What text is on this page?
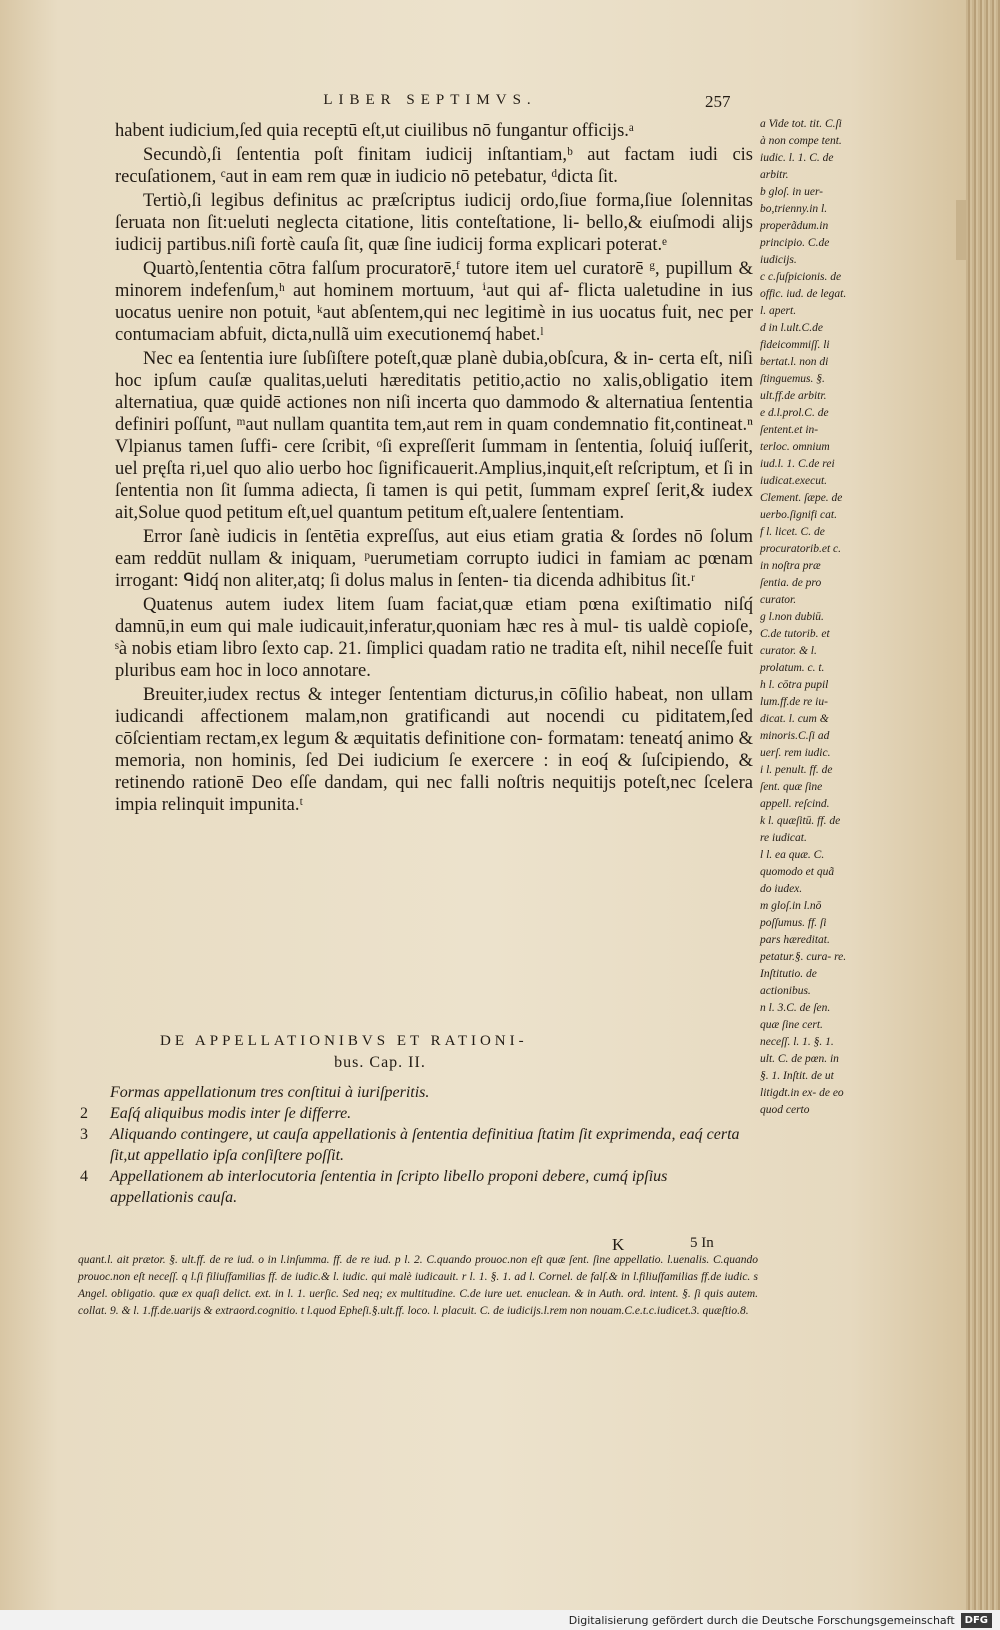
LIBER SEPTIMVS.	257

habent iudicium,ſed quia receptū eſt,ut ciuilibus nō fungantur officijs.ᵃ

Secundò,ſi ſententia poſt finitam iudicij inſtantiam,ᵇ aut factam iudi cis recuſationem, ᶜaut in eam rem quæ in iudicio nō petebatur, ᵈdicta ſit.

Tertiò,ſi legibus definitus ac præſcriptus iudicij ordo,ſiue forma,ſiue ſolennitas ſeruata non ſit:ueluti neglecta citatione, litis conteſtatione, li- bello,& eiuſmodi alijs iudicij partibus.niſi fortè cauſa ſit, quæ ſine iudicij forma explicari poterat.ᵉ

Quartò,ſententia cōtra falſum procuratorē,ᶠ tutore item uel curatorē ᵍ, pupillum & minorem indefenſum,ʰ aut hominem mortuum, ⁱaut qui af- flicta ualetudine in ius uocatus uenire non potuit, ᵏaut abſentem,qui nec legitimè in ius uocatus fuit, nec per contumaciam abfuit, dicta,nullã uim executionemq́ habet.ˡ

Nec ea ſententia iure ſubſiſtere poteſt,quæ planè dubia,obſcura, & in- certa eſt, niſi hoc ipſum cauſæ qualitas,ueluti hæreditatis petitio,actio no xalis,obligatio item alternatiua, quæ quidē actiones non niſi incerta quo dammodo & alternatiua ſententia definiri poſſunt, ᵐaut nullam quantita tem,aut rem in quam condemnatio fit,contineat.ⁿ Vlpianus tamen ſuffi- cere ſcribit, ᵒſi expreſſerit ſummam in ſententia, ſoluiq́ iuſſerit, uel pręſta ri,uel quo alio uerbo hoc ſignificauerit.Amplius,inquit,eſt reſcriptum, et ſi in ſententia non ſit ſumma adiecta, ſi tamen is qui petit, ſummam expreſ ſerit,& iudex ait,Solue quod petitum eſt,uel quantum petitum eſt,ualere ſententiam.

Error ſanè iudicis in ſentētia expreſſus, aut eius etiam gratia & ſordes nō ſolum eam reddūt nullam & iniquam, ᵖuerumetiam corrupto iudici in famiam ac pœnam irrogant: ᑫidq́ non aliter,atq; ſi dolus malus in ſenten- tia dicenda adhibitus ſit.ʳ

Quatenus autem iudex litem ſuam faciat,quæ etiam pœna exiſtimatio niſq́ damnū,in eum qui male iudicauit,inferatur,quoniam hæc res à mul- tis ualdè copioſe, ˢà nobis etiam libro ſexto cap. 21. ſimplici quadam ratio ne tradita eſt, nihil neceſſe fuit pluribus eam hoc in loco annotare.

Breuiter,iudex rectus & integer ſententiam dicturus,in cōſilio habeat, non ullam iudicandi affectionem malam,non gratificandi aut nocendi cu piditatem,ſed cōſcientiam rectam,ex legum & æquitatis definitione con- formatam: teneatq́ animo & memoria, non hominis, ſed Dei iudicium ſe exercere : in eoq́ & ſuſcipiendo, & retinendo rationē Deo eſſe dandam, qui nec falli noſtris nequitijs poteſt,nec ſcelera impia relinquit impunita.ᵗ

DE APPELLATIONIBVS ET RATIONI-
bus. Cap. II.
Formas appellationum tres conſtitui à iuriſperitis.
2	Eaſq́ aliquibus modis inter ſe differre.
3	Aliquando contingere, ut cauſa appellationis à ſententia definitiua ſtatim ſit exprimenda, eaq́ certa ſit,ut appellatio ipſa conſiſtere poſſit.
4	Appellationem ab interlocutoria ſententia in ſcripto libello proponi debere, cumq́ ipſius appellationis cauſa.
K	5 In

quant.l. ait prætor. §. ult.ff. de re iud. o in l.inſumma. ff. de re iud. p l. 2. C.quando prouoc.non eſt quæ ſent. ſine appellatio. l.uenalis. C.quando prouoc.non eſt neceſſ. q l.ſi filiuſfamilias ff. de iudic.& l. iudic. qui malè iudicauit. r l. 1. §. 1. ad l. Cornel. de falſ.& in l.filiuſfamilias ff.de iudic. s Angel. obligatio. quæ ex quaſi delict. ext. in l. 1. uerſic. Sed neq; ex multitudine. C.de iure uet. enuclean. & in Auth. ord. intent. §. ſi quis autem. collat. 9. & l. 1.ff.de.uarijs & extraord.cognitio. t l.quod Epheſi.§.ult.ff. loco. l. placuit. C. de iudicijs.l.rem non nouam.C.e.t.c.iudicet.3. quæſtio.8.

a Vide tot. tit. C.ſi à non compe tent. iudic. l. 1. C. de arbitr.

b gloſ. in uer- bo,trienny.in l. properãdum.in principio. C.de iudicijs.

c c.ſuſpicionis. de offic. iud. de legat. l. apert.

d in l.ult.C.de fideicommiſſ. li bertat.l. non di ſtinguemus. §. ult.ff.de arbitr.

e d.l.prol.C. de ſentent.et in- terloc. omnium iud.l. 1. C.de rei iudicat.execut. Clement. ſæpe. de uerbo.ſignifi cat.

f l. licet. C. de procuratorib.et c. in noſtra præ ſentia. de pro curator.

g l.non dubiū. C.de tutorib. et curator. & l. prolatum. c. t.

h l. cōtra pupil lum.ff.de re iu- dicat. l. cum & minoris.C.ſi ad uerſ. rem iudic.

i l. penult. ff. de ſent. quæ ſine appell. reſcind.

k l. quæſitū. ff. de re iudicat.

l l. ea quæ. C. quomodo et quã do iudex.

m gloſ.in l.nō poſſumus. ff. ſi pars hæreditat. petatur.§. cura- re. Inſtitutio. de actionibus.

n l. 3.C. de ſen. quæ ſine cert. neceſſ. l. 1. §. 1. ult. C. de pœn. in §. 1. Inſtit. de ut litigdt.in ex- de eo quod certo

Digitalisierung gefördert durch die Deutsche Forschungsgemeinschaft	DFG
